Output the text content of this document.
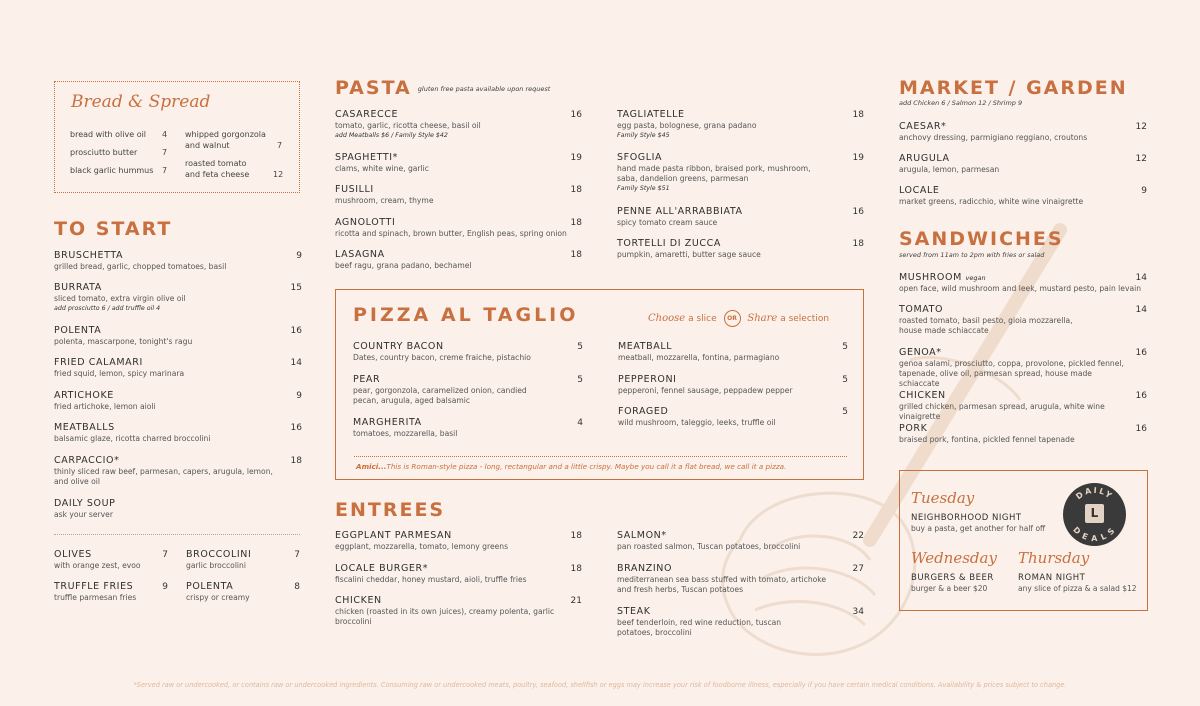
Bread & Spread
bread with olive oil 4
prosciutto butter	7
black garlic hummus 7
whipped gorgonzola
and walnut	7
roasted tomato
and feta cheese	12
TO START
BRUSCHETTA
grilled bread, garlic, chopped tomatoes, basil
9
BURRATA
sliced tomato, extra virgin olive oil
add prosciutto 6 / add truffle oil 4
15
POLENTA
polenta, mascarpone, tonight's ragu
16
FRIED CALAMARI
fried squid, lemon, spicy marinara
14
ARTICHOKE
fried artichoke, lemon aioli
9
MEATBALLS
balsamic glaze, ricotta charred broccolini
16
CARPACCIO*
thinly sliced raw beef, parmesan, capers, arugula, lemon, and olive oil
18
DAILY SOUP
ask your server
OLIVES
with orange zest, evoo
7
TRUFFLE FRIES
truffle parmesan fries
9
BROCCOLINI
garlic broccolini
7
POLENTA
crispy or creamy
8
PASTA gluten free pasta available upon request
CASARECCE
tomato, garlic, ricotta cheese, basil oil
add Meatballs $6 / Family Style $42
16
SPAGHETTI*
clams, white wine, garlic
19
FUSILLI
mushroom, cream, thyme
18
AGNOLOTTI
ricotta and spinach, brown butter, English peas, spring onion
18
LASAGNA
beef ragu, grana padano, bechamel
18
TAGLIATELLE
egg pasta, bolognese, grana padano
Family Style $45
18
SFOGLIA
hand made pasta ribbon, braised pork, mushroom, saba, dandelion greens, parmesan
Family Style $51
19
PENNE ALL'ARRABBIATA
spicy tomato cream sauce
16
TORTELLI DI ZUCCA
pumpkin, amaretti, butter sage sauce
18
PIZZA AL TAGLIO	Choose a slice OR Share a selection
COUNTRY BACON
Dates, country bacon, creme fraiche, pistachio
5
PEAR
pear, gorgonzola, caramelized onion, candied pecan, arugula, aged balsamic
5
MARGHERITA
tomatoes, mozzarella, basil
4
MEATBALL
meatball, mozzarella, fontina, parmagiano
5
PEPPERONI
pepperoni, fennel sausage, peppadew pepper
5
FORAGED
wild mushroom, taleggio, leeks, truffle oil
5
Amici...This is Roman-style pizza - long, rectangular and a little crispy. Maybe you call it a flat bread, we call it a pizza.
ENTREES
EGGPLANT PARMESAN
eggplant, mozzarella, tomato, lemony greens
18
LOCALE BURGER*
fiscalini cheddar, honey mustard, aioli, truffle fries
18
CHICKEN
chicken (roasted in its own juices), creamy polenta, garlic broccolini
21
SALMON*
pan roasted salmon, Tuscan potatoes, broccolini
22
BRANZINO
mediterranean sea bass stuffed with tomato, artichoke and fresh herbs, Tuscan potatoes
27
STEAK
beef tenderloin, red wine reduction, tuscan potatoes, broccolini
34
MARKET / GARDEN
add Chicken 6 / Salmon 12 / Shrimp 9
CAESAR*
anchovy dressing, parmigiano reggiano, croutons
12
ARUGULA
arugula, lemon, parmesan
12
LOCALE
market greens, radicchio, white wine vinaigrette
9
SANDWICHES
served from 11am to 2pm with fries or salad
MUSHROOM vegan
open face, wild mushroom and leek, mustard pesto, pain levain
14
TOMATO
roasted tomato, basil pesto, gioia mozzarella, house made schiaccate
14
GENOA*
genoa salami, prosciutto, coppa, provolone, pickled fennel, tapenade, olive oil, parmesan spread, house made schiaccate
16
CHICKEN
grilled chicken, parmesan spread, arugula, white wine vinaigrette
16
PORK
braised pork, fontina, pickled fennel tapenade
16
Tuesday
NEIGHBORHOOD NIGHT
buy a pasta, get another for half off
DAILY
DEALS
L
Wednesday
BURGERS & BEER
burger & a beer $20
Thursday
ROMAN NIGHT
any slice of pizza & a salad $12
*Served raw or undercooked, or contains raw or undercooked ingredients. Consuming raw or undercooked meats, poultry, seafood, shellfish or eggs may increase your risk of foodborne illness, especially if you have certain medical conditions. Availability & prices subject to change.
